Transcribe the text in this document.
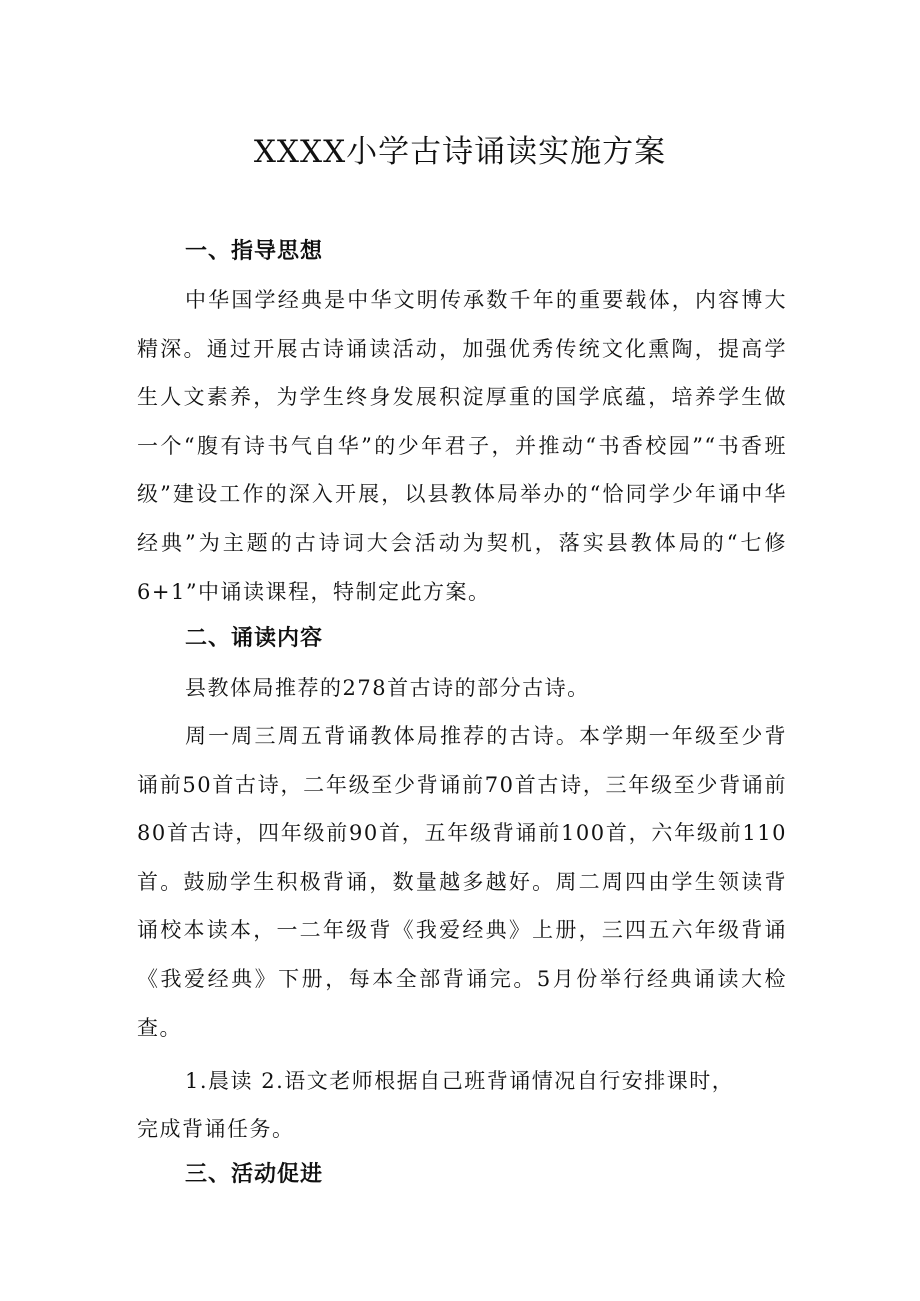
XXXX小学古诗诵读实施方案
一、指导思想

中华国学经典是中华文明传承数千年的重要载体，内容博大精深。通过开展古诗诵读活动，加强优秀传统文化熏陶，提高学生人文素养，为学生终身发展积淀厚重的国学底蕴，培养学生做一个“腹有诗书气自华”的少年君子，并推动“书香校园”“书香班级”建设工作的深入开展，以县教体局举办的“恰同学少年诵中华经典”为主题的古诗词大会活动为契机，落实县教体局的“七修6+1”中诵读课程，特制定此方案。

二、诵读内容

县教体局推荐的278首古诗的部分古诗。

周一周三周五背诵教体局推荐的古诗。本学期一年级至少背诵前50首古诗，二年级至少背诵前70首古诗，三年级至少背诵前80首古诗，四年级前90首，五年级背诵前100首，六年级前110首。鼓励学生积极背诵，数量越多越好。周二周四由学生领读背诵校本读本，一二年级背《我爱经典》上册，三四五六年级背诵《我爱经典》下册，每本全部背诵完。5月份举行经典诵读大检查。

1.晨读 2.语文老师根据自己班背诵情况自行安排课时，

完成背诵任务。

三、活动促进
